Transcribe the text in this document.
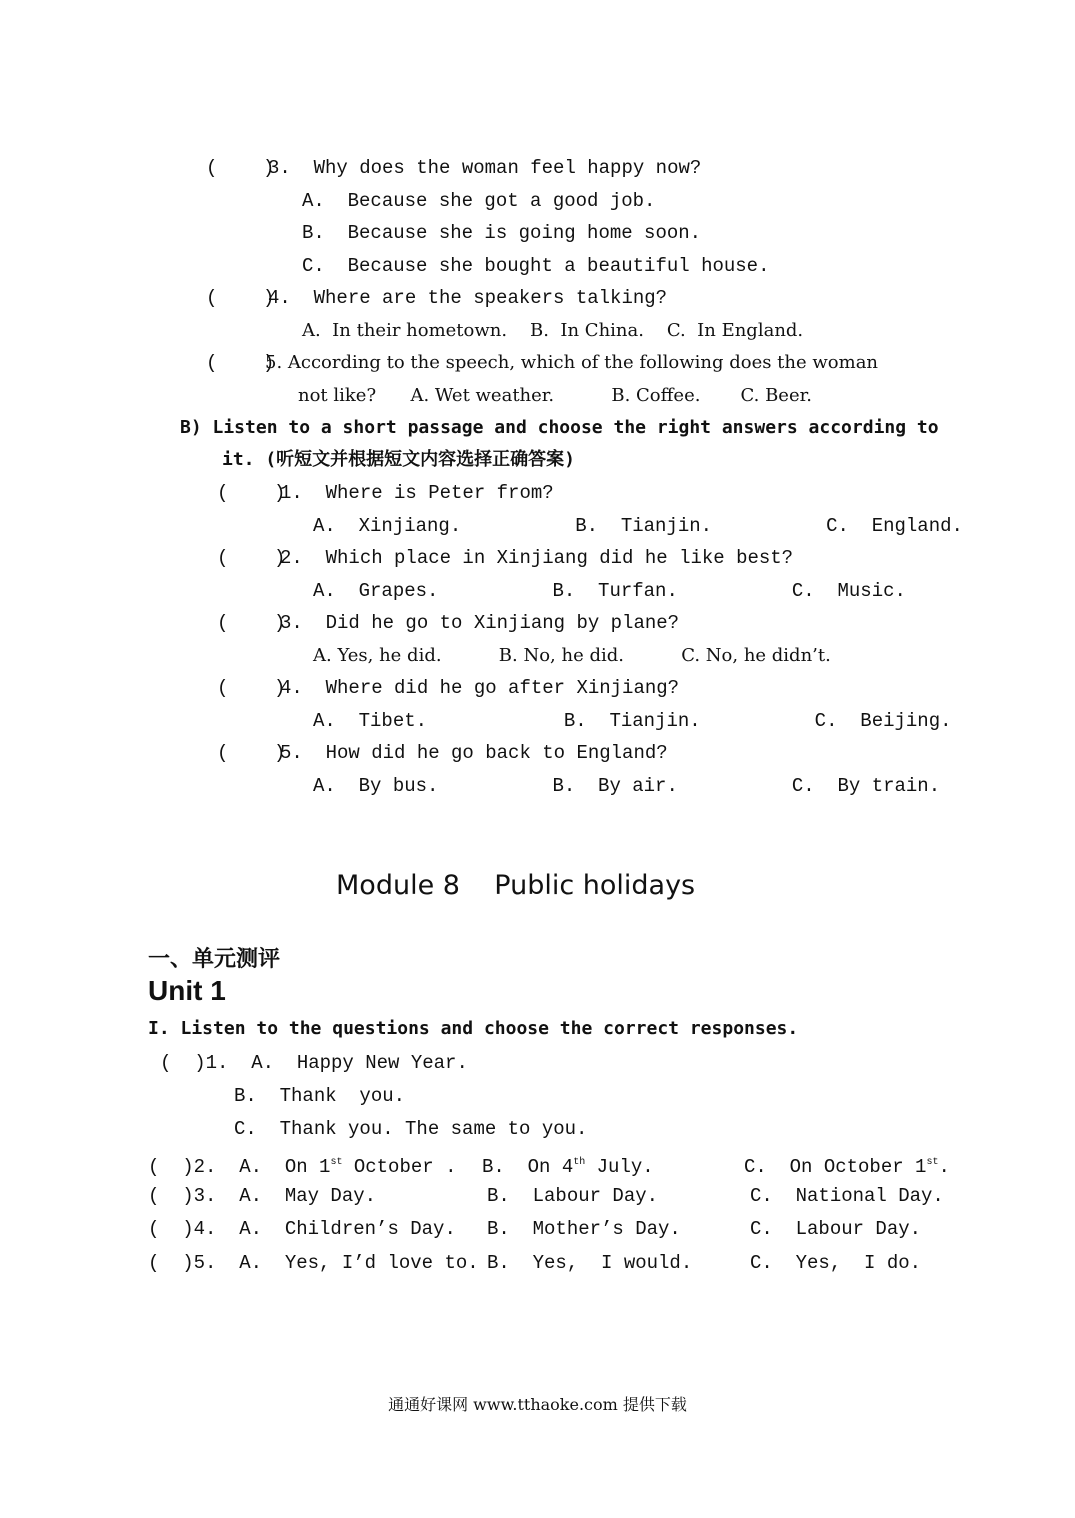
(    )
3.  Why does the woman feel happy now?
A.  Because she got a good job.
B.  Because she is going home soon.
C.  Because she bought a beautiful house.
(    )
4.  Where are the speakers talking?
A.  In their hometown.    B.  In China.    C.  In England.
(    )
5. According to the speech, which of the following does the woman
not like?      A. Wet weather.          B. Coffee.       C. Beer.
B) Listen to a short passage and choose the right answers according to
it. (听短文并根据短文内容选择正确答案)
(    )
1.  Where is Peter from?
A.  Xinjiang.          B.  Tianjin.          C.  England.
(    )
2.  Which place in Xinjiang did he like best?
A.  Grapes.          B.  Turfan.          C.  Music.
(    )
3.  Did he go to Xinjiang by plane?
A. Yes, he did.          B. No, he did.          C. No, he didn’t.
(    )
4.  Where did he go after Xinjiang?
A.  Tibet.            B.  Tianjin.          C.  Beijing.
(    )
5.  How did he go back to England?
A.  By bus.          B.  By air.          C.  By train.
Module 8    Public holidays
一、单元测评
Unit 1
I. Listen to the questions and choose the correct responses.
(  )1.  A.  Happy New Year.
B.  Thank  you.
C.  Thank you. The same to you.
(  )2.  A.  On 1st October . B.  On 4th July.	C.  On October 1st.
(  )3.  A.  May Day.	B.  Labour Day.	C.  National Day.
(  )4.  A.  Children’s Day. B.  Mother’s Day.	C.  Labour Day.
(  )5.  A.  Yes, I’d love to. B.  Yes,  I would.	C.  Yes,  I do.
通通好课网 www.tthaoke.com 提供下载
